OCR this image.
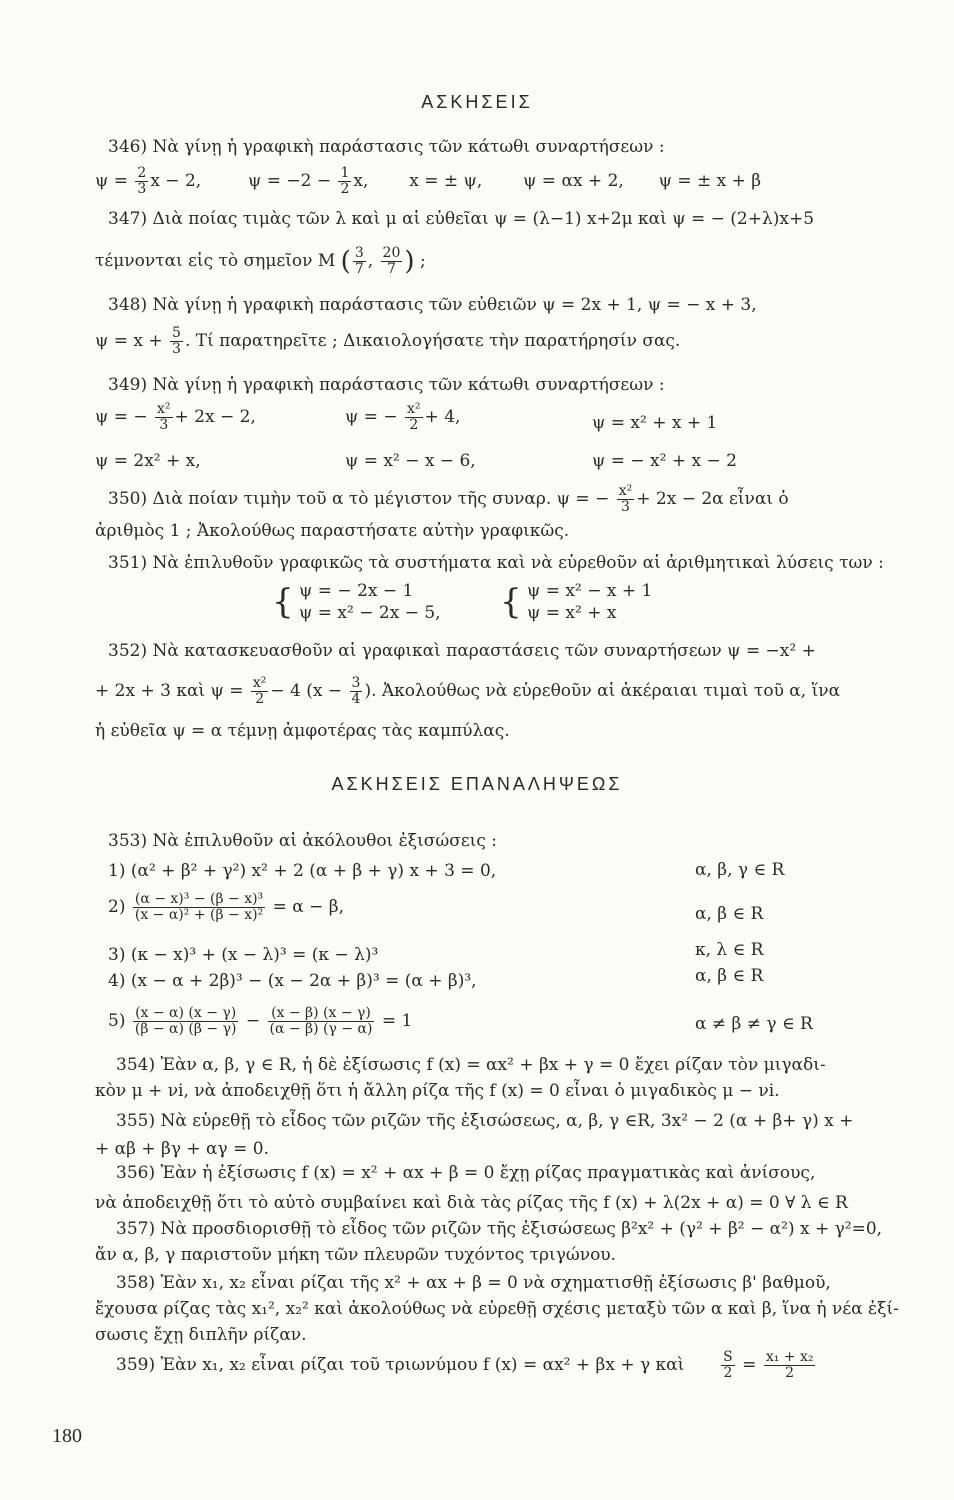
ΑΣΚΗΣΕΙΣ
346) Νὰ γίνῃ ἡ γραφικὴ παράστασις τῶν κάτωθι συναρτήσεων :
$\psi = \frac{2}{3}$ x − 2,	$\psi = -2 - \frac{1}{2} x$, x = ± ψ, ψ = αx + 2, ψ = ± x + β
347) Διὰ ποίας τιμὰς τῶν λ καὶ μ αἱ εὐθεῖαι ψ = (λ−1) x+2μ καὶ ψ = − (2+λ)x+5
τέμνονται εἰς τὸ σημεῖον Μ ( $\frac{3}{7}$ , $\frac{20}{7}$ ) ;
348) Νὰ γίνῃ ἡ γραφικὴ παράστασις τῶν εὐθειῶν ψ = 2x + 1, ψ = − x + 3,
$\psi = x + \frac{5}{3}$ . Τί παρατηρεῖτε ; Δικαιολογήσατε τὴν παρατήρησίν σας.
349) Νὰ γίνῃ ἡ γραφικὴ παράστασις τῶν κάτωθι συναρτήσεων :
ψ = − $\frac{\text{x²}}{3} + 2x - 2$,	ψ = − $\frac{\text{x²}}{2} + 4$,	ψ = x² + x + 1
ψ = 2x² + x,	ψ = x² − x − 6,	ψ = − x² + x − 2
350) Διὰ ποίαν τιμὴν τοῦ α τὸ μέγιστον τῆς συναρ. ψ = − $\frac{\text{x²}}{3} + 2x - 2\alpha$ εἶναι ὁ
ἀριθμὸς 1 ; Ἀκολούθως παραστήσατε αὐτὴν γραφικῶς.
351) Νὰ ἐπιλυθοῦν γραφικῶς τὰ συστήματα καὶ νὰ εὑρεθοῦν αἱ ἀριθμητικαὶ λύσεις των :
{ ψ = − 2x − 1
ψ = x² − 2x − 5, { ψ = x² − x + 1
ψ = x² + x
352) Νὰ κατασκευασθοῦν αἱ γραφικαὶ παραστάσεις τῶν συναρτήσεων ψ = −x² +
+ 2x + 3 καὶ $\psi = \frac{\text{x²}}{2} - 4$ ($x - \frac{3}{4}$ ). Ἀκολούθως νὰ εὑρεθοῦν αἱ ἀκέραιαι τιμαὶ τοῦ α, ἵνα
ἡ εὐθεῖα ψ = α τέμνῃ ἀμφοτέρας τὰς καμπύλας.
ΑΣΚΗΣΕΙΣ ΕΠΑΝΑΛΗΨΕΩΣ
353) Νὰ ἐπιλυθοῦν αἱ ἀκόλουθοι ἐξισώσεις :
1) (α² + β² + γ²) x² + 2 (α + β + γ) x + 3 = 0,	α, β, γ ∈ R
$2) \frac{\text{(α − x)³ − (β − x)³}}{\text{(x − α)² + (β − x)²}} = \alpha - \beta$,	α, β ∈ R
3) (κ − x)³ + (x − λ)³ = (κ − λ)³	κ, λ ∈ R
4) (x − α + 2β)³ − (x − 2α + β)³ = (α + β)³,	α, β ∈ R
$5) \frac{(x - \alpha) (x - \gamma)}{(\beta - \alpha) (\beta - \gamma)} - \frac{(x - \beta) (x - \gamma)}{(\alpha - \beta) (\gamma - \alpha)} = 1$	α ≠ β ≠ γ ∈ R
354) Ἐὰν α, β, γ ∈ R, ἡ δὲ ἐξίσωσις f (x) = αx² + βx + γ = 0 ἔχει ρίζαν τὸν μιγαδι-
κὸν μ + νi, νὰ ἀποδειχθῇ ὅτι ἡ ἄλλη ρίζα τῆς f (x) = 0 εἶναι ὁ μιγαδικὸς μ − νi.
355) Νὰ εὑρεθῇ τὸ εἶδος τῶν ριζῶν τῆς ἐξισώσεως, α, β, γ ∈R, 3x² − 2 (α + β+ γ) x +
+ αβ + βγ + αγ = 0.
356) Ἐὰν ἡ ἐξίσωσις f (x) = x² + αx + β = 0 ἔχῃ ρίζας πραγματικὰς καὶ ἀνίσους,
νὰ ἀποδειχθῇ ὅτι τὸ αὐτὸ συμβαίνει καὶ διὰ τὰς ρίζας τῆς f (x) + λ(2x + α) = 0 ∀ λ ∈ R
357) Νὰ προσδιορισθῇ τὸ εἶδος τῶν ριζῶν τῆς ἐξισώσεως β²x² + (γ² + β² − α²) x + γ²=0,
ἄν α, β, γ παριστοῦν μήκη τῶν πλευρῶν τυχόντος τριγώνου.
358) Ἐὰν x₁, x₂ εἶναι ρίζαι τῆς x² + αx + β = 0 νὰ σχηματισθῇ ἐξίσωσις β' βαθμοῦ,
ἔχουσα ρίζας τὰς x₁², x₂² καὶ ἀκολούθως νὰ εὑρεθῇ σχέσις μεταξὺ τῶν α καὶ β, ἵνα ἡ νέα ἐξί-
σωσις ἔχῃ διπλῆν ρίζαν.
359) Ἐὰν x₁, x₂ εἶναι ρίζαι τοῦ τριωνύμου f (x) = αx² + βx + γ καὶ	$\frac{S}{2} = \frac{\text{x₁ + x₂}}{2}$
180
